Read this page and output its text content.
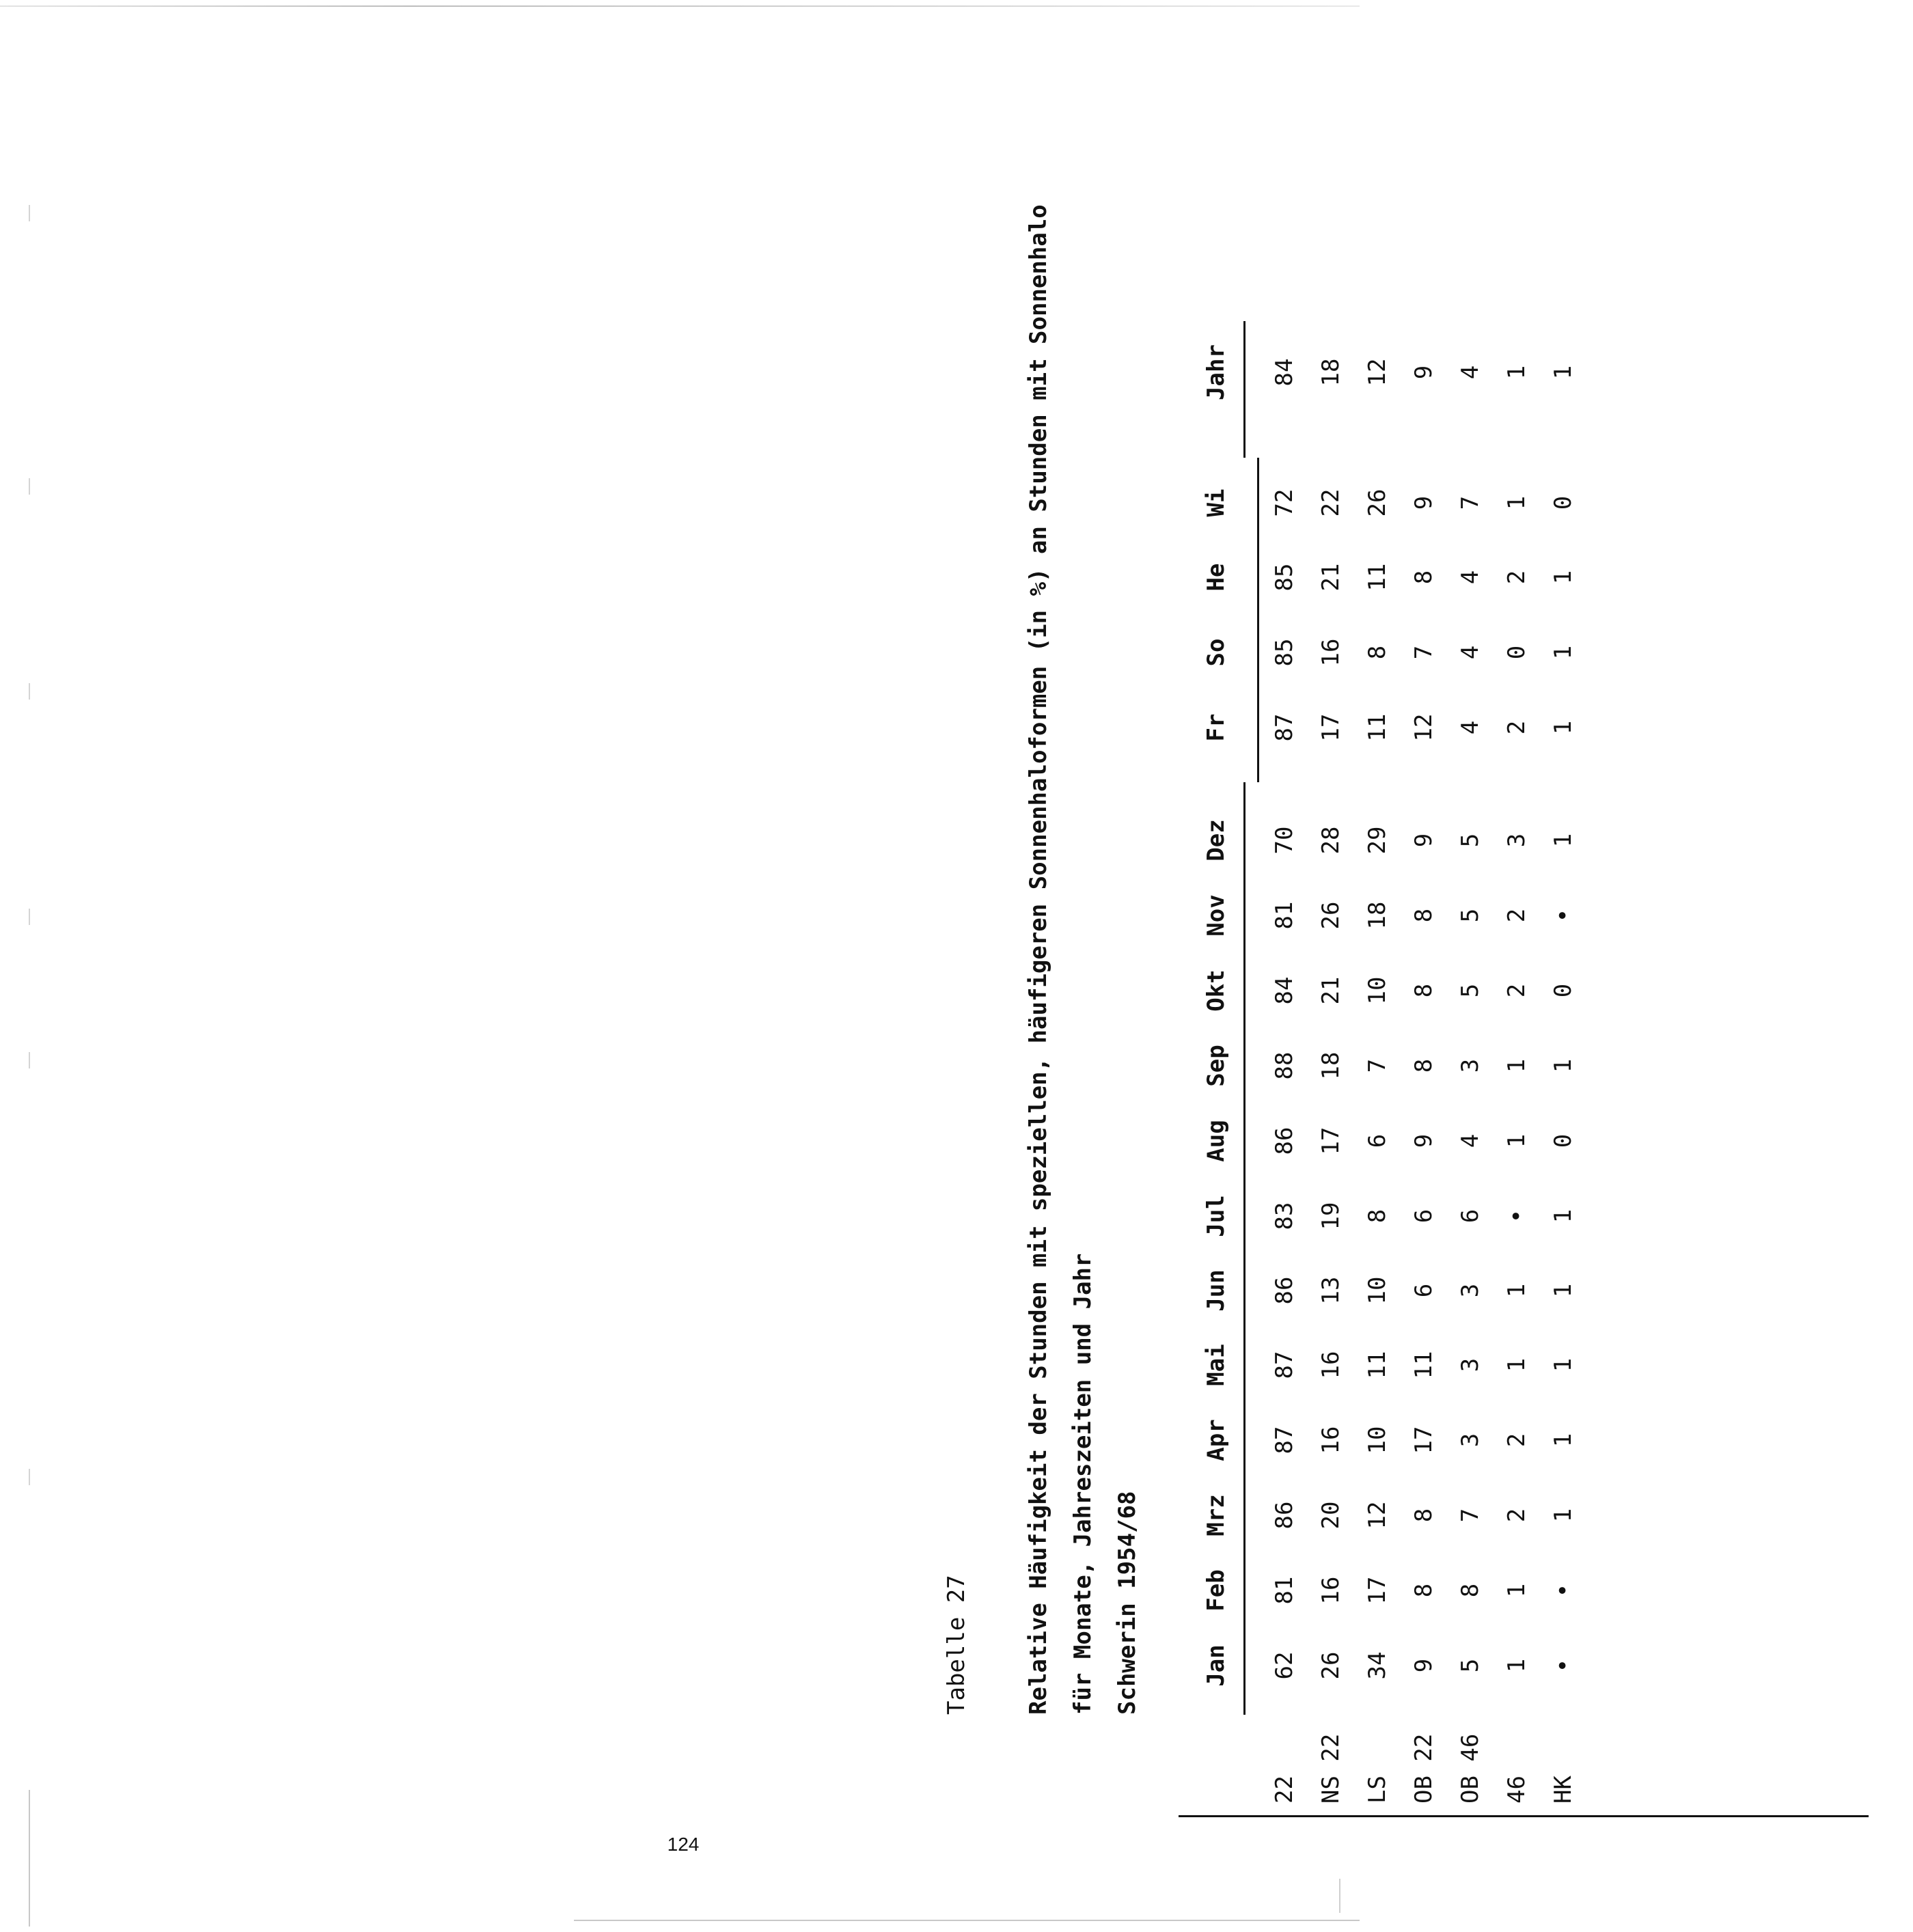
Tabelle 27 Relative Häufigkeit der Stunden mit speziellen, häufigeren Sonnenhaloformen (in %) an Stunden mit Sonnenhalo für Monate, Jahreszeiten und Jahr Schwerin 1954/68	Jan
Feb
Mrz
Apr
Mai
Jun
Jul
Aug
Sep
Okt
Nov
Dez
Fr
So
He
Wi
Jahr
22
62
81
86
87
87
86
83
86
88
84
81
70
87
85
85
72
84
NS 22
26
16
20
16
16
13
19
17
18
21
26
28
17
16
21
22
18
LS
34
17
12
10
11
10
8
6
7
10
18
29
11
8
11
26
12
OB 22
9
8
8
17
11
6
6
9
8
8
8
9
12
7
8
9
9
OB 46
5
8
7
3
3
3
6
4
3
5
5
5
4
4
4
7
4
46
1
1
2
2
1
1
•
1
1
2
2
3
2
0
2
1
1
HK
•
•
1
1
1
1
1
0
1
0
•
1
1
1
1
0
1
124
